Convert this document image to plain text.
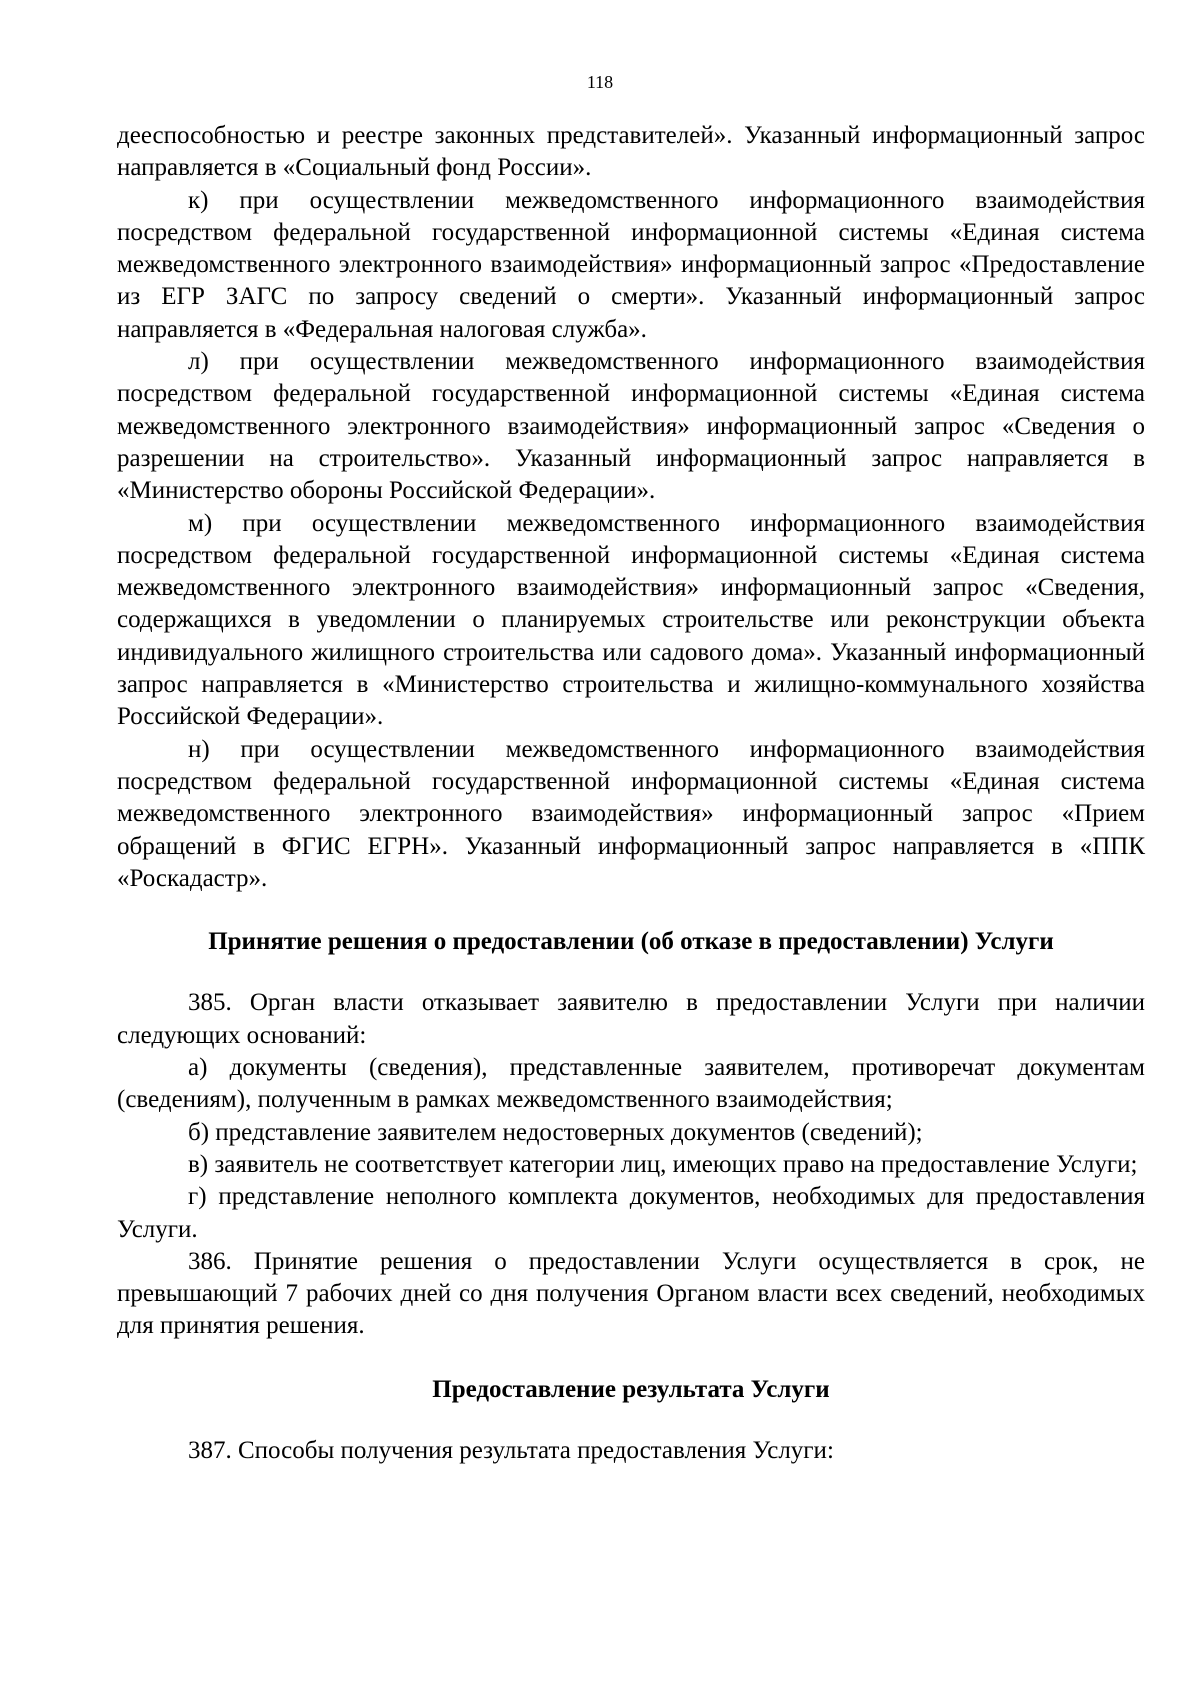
118

дееспособностью и реестре законных представителей». Указанный информационный запрос направляется в «Социальный фонд России».

к) при осуществлении межведомственного информационного взаимодействия посредством федеральной государственной информационной системы «Единая система межведомственного электронного взаимодействия» информационный запрос «Предоставление из ЕГР ЗАГС по запросу сведений о смерти». Указанный информационный запрос направляется в «Федеральная налоговая служба».

л) при осуществлении межведомственного информационного взаимодействия посредством федеральной государственной информационной системы «Единая система межведомственного электронного взаимодействия» информационный запрос «Сведения о разрешении на строительство». Указанный информационный запрос направляется в «Министерство обороны Российской Федерации».

м) при осуществлении межведомственного информационного взаимодействия посредством федеральной государственной информационной системы «Единая система межведомственного электронного взаимодействия» информационный запрос «Сведения, содержащихся в уведомлении о планируемых строительстве или реконструкции объекта индивидуального жилищного строительства или садового дома». Указанный информационный запрос направляется в «Министерство строительства и жилищно-коммунального хозяйства Российской Федерации».

н) при осуществлении межведомственного информационного взаимодействия посредством федеральной государственной информационной системы «Единая система межведомственного электронного взаимодействия» информационный запрос «Прием обращений в ФГИС ЕГРН». Указанный информационный запрос направляется в «ППК «Роскадастр».

Принятие решения о предоставлении (об отказе в предоставлении) Услуги

385. Орган власти отказывает заявителю в предоставлении Услуги при наличии следующих оснований:

а) документы (сведения), представленные заявителем, противоречат документам (сведениям), полученным в рамках межведомственного взаимодействия;

б) представление заявителем недостоверных документов (сведений);

в) заявитель не соответствует категории лиц, имеющих право на предоставление Услуги;

г) представление неполного комплекта документов, необходимых для предоставления Услуги.

386. Принятие решения о предоставлении Услуги осуществляется в срок, не превышающий 7 рабочих дней со дня получения Органом власти всех сведений, необходимых для принятия решения.

Предоставление результата Услуги

387. Способы получения результата предоставления Услуги:
